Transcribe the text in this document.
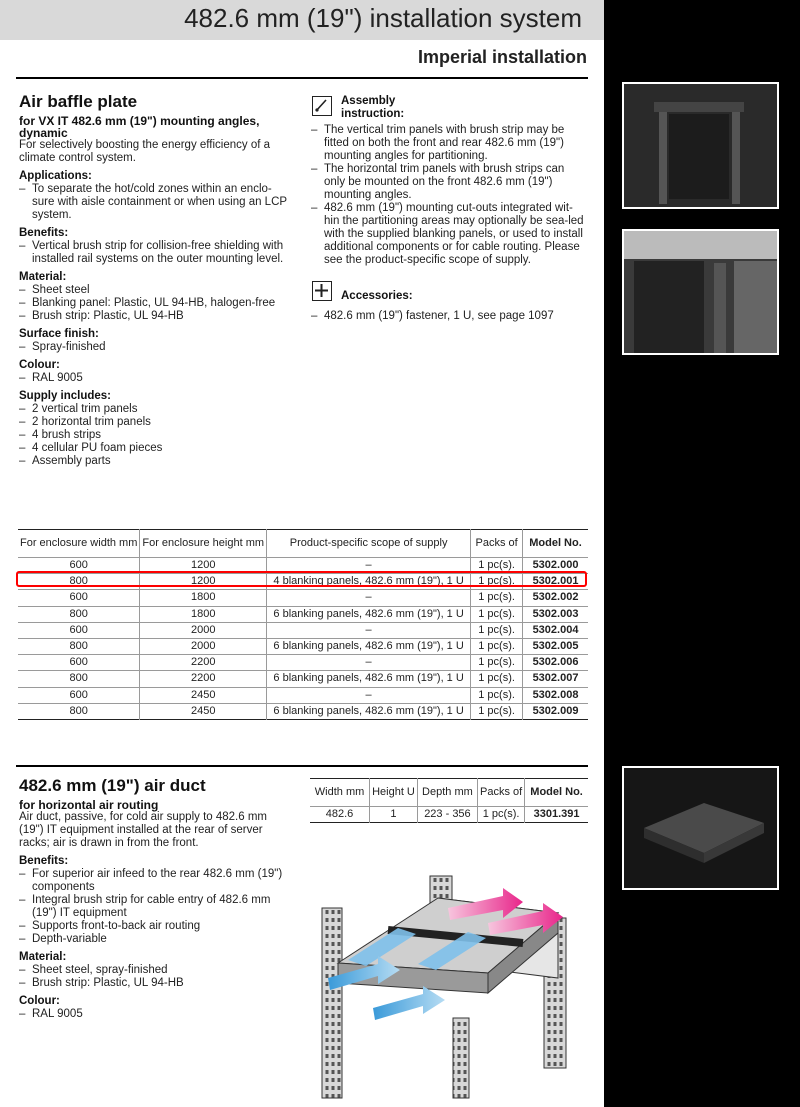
482.6 mm (19") installation system
Imperial installation
Air baffle plate
for VX IT 482.6 mm (19") mounting angles, dynamic
For selectively boosting the energy efficiency of a climate control system.
Applications:
– To separate the hot/cold zones within an enclo-sure with aisle containment or when using an LCP system.
Benefits:
– Vertical brush strip for collision-free shielding with installed rail systems on the outer mounting level.
Material:
– Sheet steel
– Blanking panel: Plastic, UL 94-HB, halogen-free
– Brush strip: Plastic, UL 94-HB
Surface finish:
– Spray-finished
Colour:
– RAL 9005
Supply includes:
– 2 vertical trim panels
– 2 horizontal trim panels
– 4 brush strips
– 4 cellular PU foam pieces
– Assembly parts
Assembly instruction:
– The vertical trim panels with brush strip may be fitted on both the front and rear 482.6 mm (19") mounting angles for partitioning.
– The horizontal trim panels with brush strips can only be mounted on the front 482.6 mm (19") mounting angles.
– 482.6 mm (19") mounting cut-outs integrated wit-hin the partitioning areas may optionally be sea-led with the supplied blanking panels, or used to install additional components or for cable routing. Please see the product-specific scope of supply.
Accessories:
– 482.6 mm (19") fastener, 1 U, see page 1097
For enclosure width mm	For enclosure height mm	Product-specific scope of supply	Packs of	Model No.
600	1200	–	1 pc(s).	5302.000
800	1200	4 blanking panels, 482.6 mm (19"), 1 U	1 pc(s).	5302.001
600	1800	–	1 pc(s).	5302.002
800	1800	6 blanking panels, 482.6 mm (19"), 1 U	1 pc(s).	5302.003
600	2000	–	1 pc(s).	5302.004
800	2000	6 blanking panels, 482.6 mm (19"), 1 U	1 pc(s).	5302.005
600	2200	–	1 pc(s).	5302.006
800	2200	6 blanking panels, 482.6 mm (19"), 1 U	1 pc(s).	5302.007
600	2450	–	1 pc(s).	5302.008
800	2450	6 blanking panels, 482.6 mm (19"), 1 U	1 pc(s).	5302.009
482.6 mm (19") air duct
for horizontal air routing
Air duct, passive, for cold air supply to 482.6 mm (19") IT equipment installed at the rear of server racks; air is drawn in from the front.
Benefits:
– For superior air infeed to the rear 482.6 mm (19") components
– Integral brush strip for cable entry of 482.6 mm (19") IT equipment
– Supports front-to-back air routing
– Depth-variable
Material:
– Sheet steel, spray-finished
– Brush strip: Plastic, UL 94-HB
Colour:
– RAL 9005
Width mm	Height U	Depth mm	Packs of	Model No.
482.6	1	223 - 356	1 pc(s).	3301.391
